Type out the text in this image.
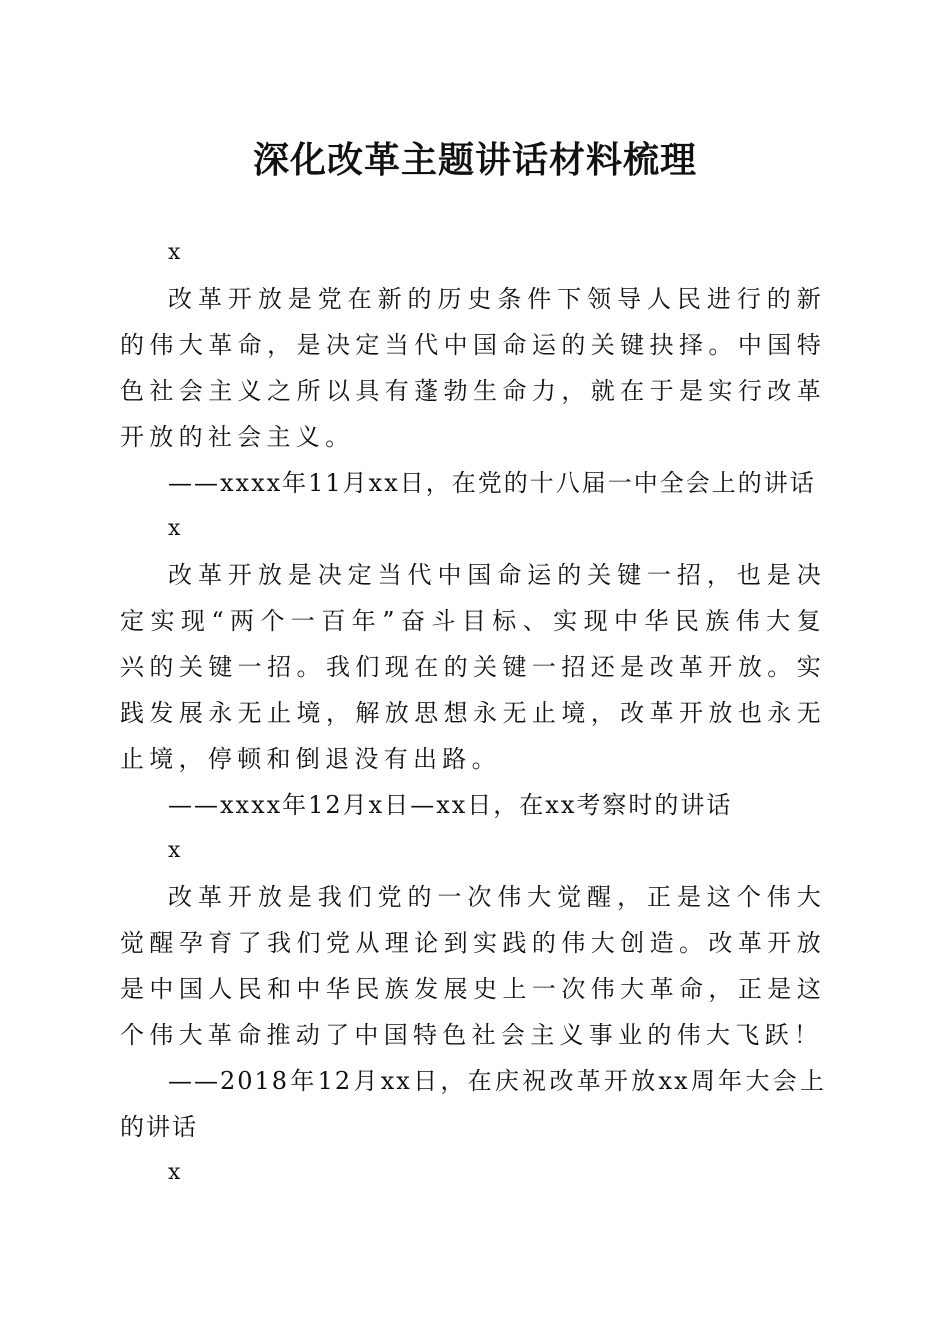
深化改革主题讲话材料梳理

x

改革开放是党在新的历史条件下领导人民进行的新的伟大革命，是决定当代中国命运的关键抉择。中国特色社会主义之所以具有蓬勃生命力，就在于是实行改革开放的社会主义。

——xxxx年11月xx日，在党的十八届一中全会上的讲话

x

改革开放是决定当代中国命运的关键一招，也是决定实现“两个一百年”奋斗目标、实现中华民族伟大复兴的关键一招。我们现在的关键一招还是改革开放。实践发展永无止境，解放思想永无止境，改革开放也永无止境，停顿和倒退没有出路。

——xxxx年12月x日—xx日，在xx考察时的讲话

x

改革开放是我们党的一次伟大觉醒，正是这个伟大觉醒孕育了我们党从理论到实践的伟大创造。改革开放是中国人民和中华民族发展史上一次伟大革命，正是这个伟大革命推动了中国特色社会主义事业的伟大飞跃！

——2018年12月xx日，在庆祝改革开放xx周年大会上的讲话

x
